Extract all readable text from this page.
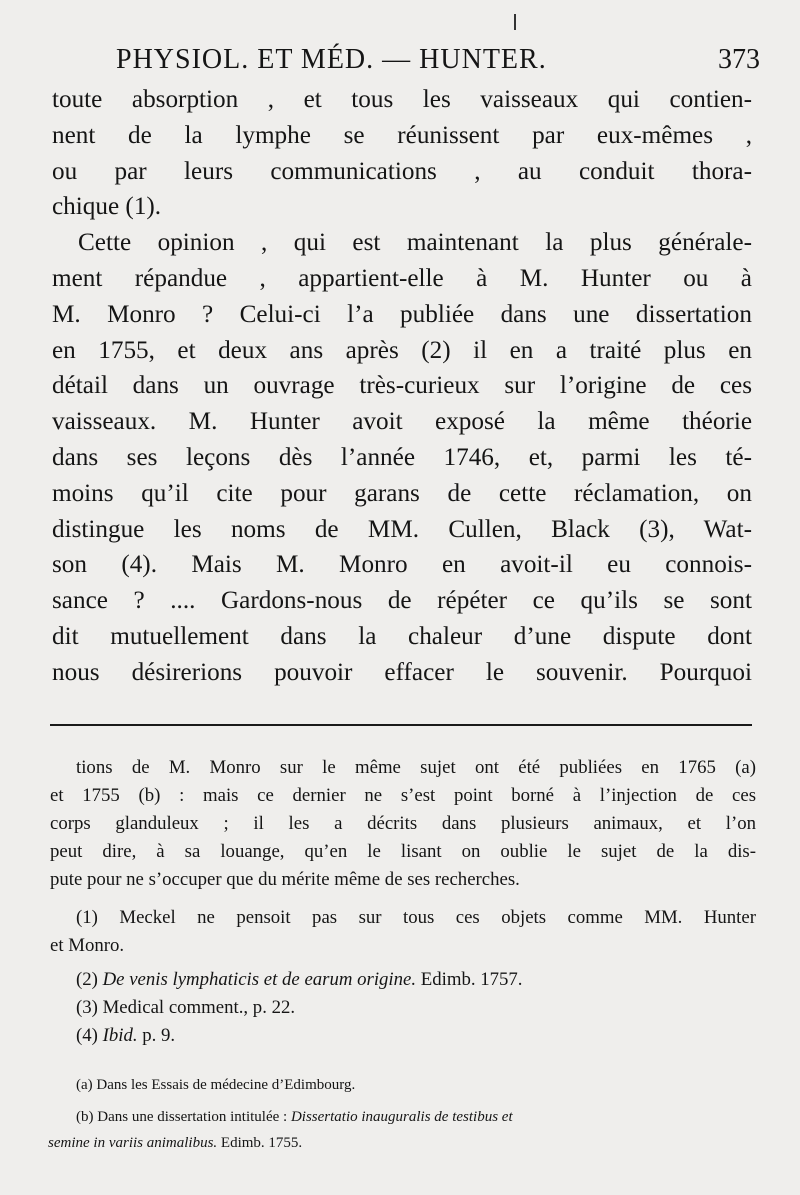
PHYSIOL. ET MÉD. — HUNTER.	373
toute absorption , et tous les vaisseaux qui contien-
nent de la lymphe se réunissent par eux-mêmes ,
ou par leurs communications , au conduit thora-
chique (1).
Cette opinion , qui est maintenant la plus générale-
ment répandue , appartient-elle à M. Hunter ou à
M. Monro ? Celui-ci l’a publiée dans une dissertation
en 1755, et deux ans après (2) il en a traité plus en
détail dans un ouvrage très-curieux sur l’origine de ces
vaisseaux. M. Hunter avoit exposé la même théorie
dans ses leçons dès l’année 1746, et, parmi les té-
moins qu’il cite pour garans de cette réclamation, on
distingue les noms de MM. Cullen, Black (3), Wat-
son (4). Mais M. Monro en avoit-il eu connois-
sance ? .... Gardons-nous de répéter ce qu’ils se sont
dit mutuellement dans la chaleur d’une dispute dont
nous désirerions pouvoir effacer le souvenir. Pourquoi
tions de M. Monro sur le même sujet ont été publiées en 1765 (a)
et 1755 (b) : mais ce dernier ne s’est point borné à l’injection de ces
corps glanduleux ; il les a décrits dans plusieurs animaux, et l’on
peut dire, à sa louange, qu’en le lisant on oublie le sujet de la dis-
pute pour ne s’occuper que du mérite même de ses recherches.
(1) Meckel ne pensoit pas sur tous ces objets comme MM. Hunter
et Monro.
(2) De venis lymphaticis et de earum origine. Edimb. 1757.
(3) Medical comment., p. 22.
(4) Ibid. p. 9.
(a) Dans les Essais de médecine d’Edimbourg.
(b) Dans une dissertation intitulée : Dissertatio inauguralis de testibus et
semine in variis animalibus. Edimb. 1755.
